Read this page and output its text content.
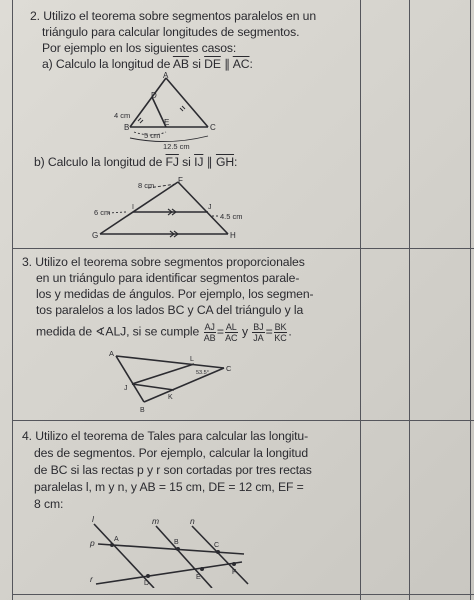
2. Utilizo el teorema sobre segmentos paralelos en un
triángulo para calcular longitudes de segmentos.
Por ejemplo en los siguientes casos:
a) Calculo la longitud de $\overline{AB}$ si $\overline{DE}$ ∥ $\overline{AC}$:
A
D
E
B	C
4 cm
5 cm
12.5 cm
b) Calculo la longitud de $\overline{FJ}$ si $\overline{IJ}$ ∥ $\overline{GH}$:
F
I	J
G	H
8 cm
6 cm	4.5 cm
3. Utilizo el teorema sobre segmentos proporcionales
en un triángulo para identificar segmentos parale-
los y medidas de ángulos. Por ejemplo, los segmen-
tos paralelos a los lados BC y CA del triángulo y la
medida de ∢ALJ, si se cumple $\frac{AJ}{AB} = \frac{AL}{AC}$ y $\frac{BJ}{JA} = \frac{BK}{KC}$ .
A
C
L
J
K
B
53.5°
4. Utilizo el teorema de Tales para calcular las longitu-
des de segmentos. Por ejemplo, calcular la longitud
de BC si las rectas p y r son cortadas por tres rectas
paralelas l, m y n, y AB = 15 cm, DE = 12 cm, EF =
8 cm:
l	m	n
p
r
A	B	C
D
E
F
